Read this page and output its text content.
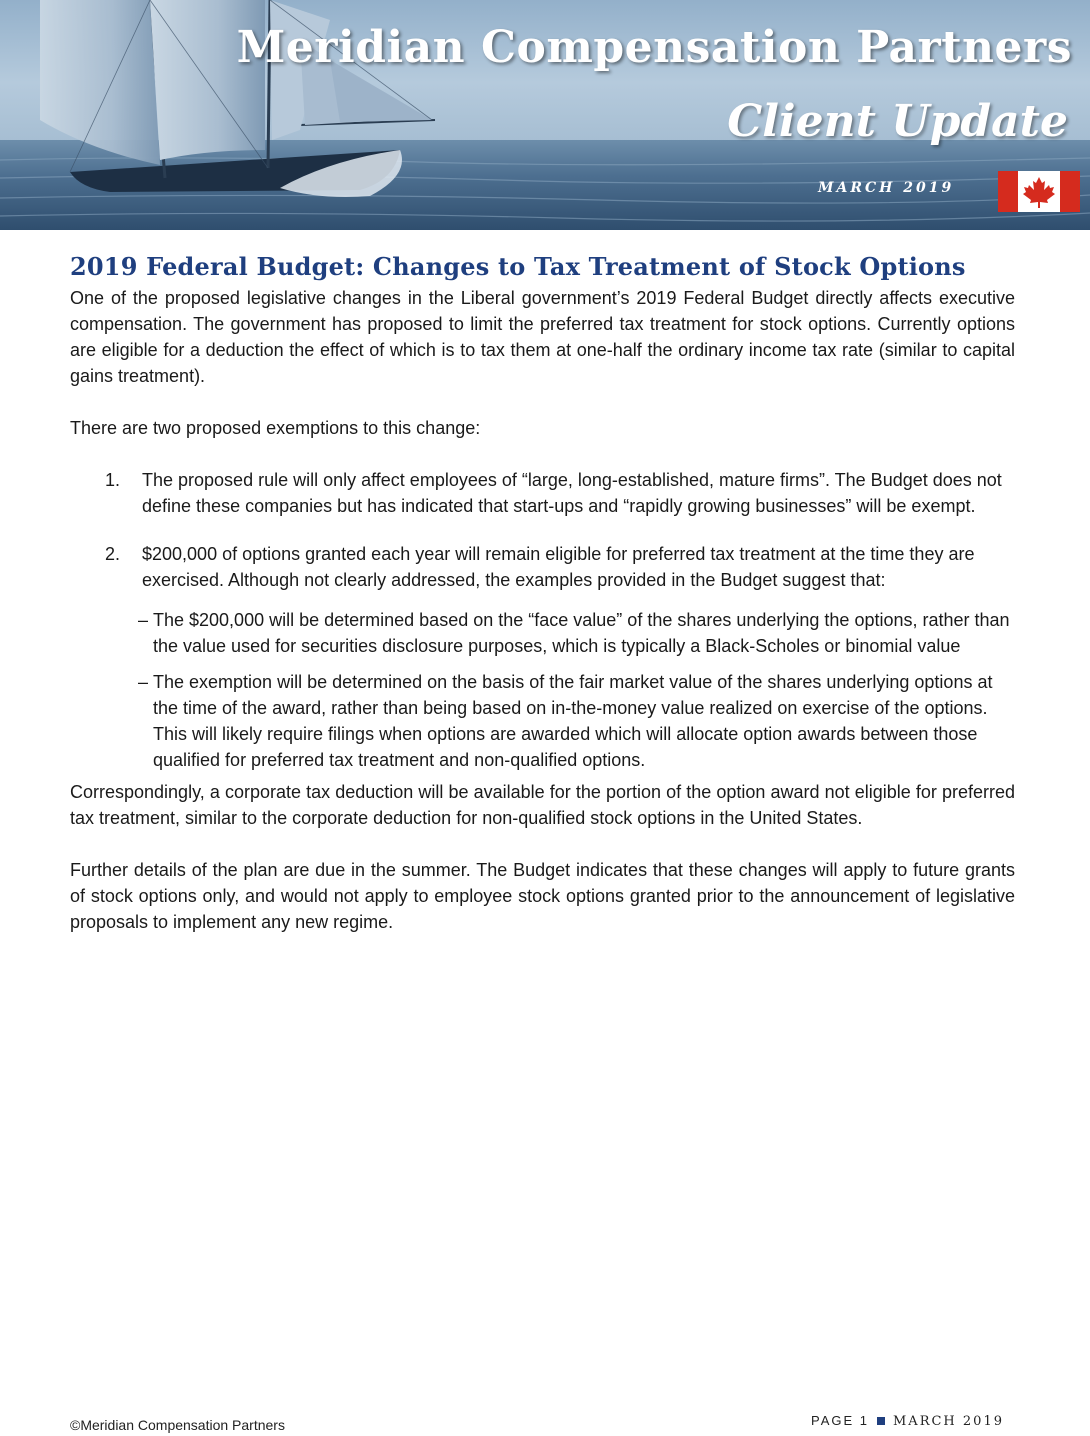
Meridian Compensation Partners
Client Update
MARCH 2019
2019 Federal Budget: Changes to Tax Treatment of Stock Options

One of the proposed legislative changes in the Liberal government’s 2019 Federal Budget directly affects executive compensation. The government has proposed to limit the preferred tax treatment for stock options. Currently options are eligible for a deduction the effect of which is to tax them at one-half the ordinary income tax rate (similar to capital gains treatment).

There are two proposed exemptions to this change:

1. The proposed rule will only affect employees of “large, long-established, mature firms”. The Budget does not define these companies but has indicated that start-ups and “rapidly growing businesses” will be exempt.
2. $200,000 of options granted each year will remain eligible for preferred tax treatment at the time they are exercised. Although not clearly addressed, the examples provided in the Budget suggest that:
– The $200,000 will be determined based on the “face value” of the shares underlying the options, rather than the value used for securities disclosure purposes, which is typically a Black-Scholes or binomial value
– The exemption will be determined on the basis of the fair market value of the shares underlying options at the time of the award, rather than being based on in-the-money value realized on exercise of the options. This will likely require filings when options are awarded which will allocate option awards between those qualified for preferred tax treatment and non-qualified options.

Correspondingly, a corporate tax deduction will be available for the portion of the option award not eligible for preferred tax treatment, similar to the corporate deduction for non-qualified stock options in the United States.

Further details of the plan are due in the summer. The Budget indicates that these changes will apply to future grants of stock options only, and would not apply to employee stock options granted prior to the announcement of legislative proposals to implement any new regime.

©Meridian Compensation Partners	PAGE 1 MARCH 2019
